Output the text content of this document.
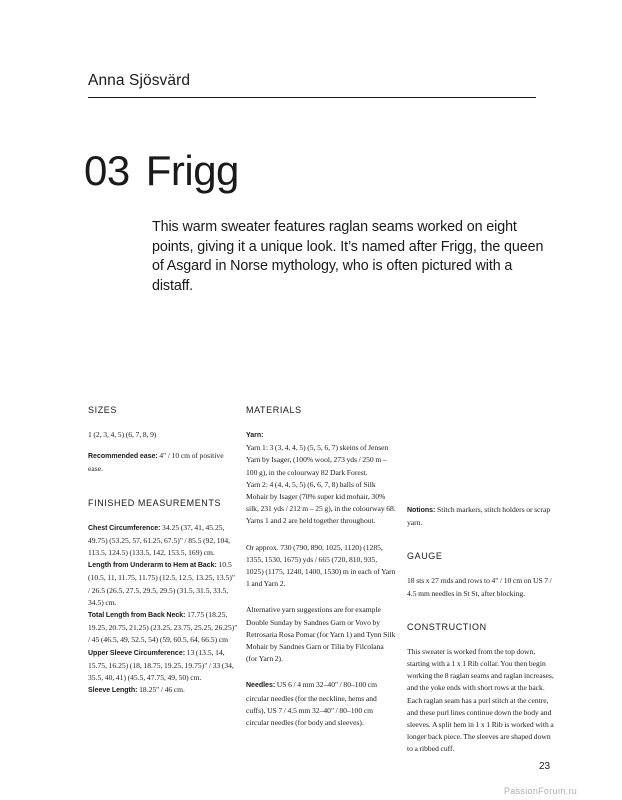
Anna Sjösvärd
03 Frigg
This warm sweater features raglan seams worked on eight points, giving it a unique look. It’s named after Frigg, the queen of Asgard in Norse mythology, who is often pictured with a distaff.

SIZES

1 (2, 3, 4, 5) (6, 7, 8, 9)

Recommended ease: 4" / 10 cm of positive ease.

FINISHED MEASUREMENTS

Chest Circumference: 34.25 (37, 41, 45.25, 49.75) (53.25, 57, 61.25, 67.5)" / 85.5 (92, 104, 113.5, 124.5) (133.5, 142, 153.5, 169) cm.

Length from Underarm to Hem at Back: 10.5 (10.5, 11, 11.75, 11.75) (12.5, 12.5, 13.25, 13.5)" / 26.5 (26.5, 27.5, 29.5, 29.5) (31.5, 31.5, 33.5, 34.5) cm.

Total Length from Back Neck: 17.75 (18.25, 19.25, 20.75, 21.25) (23.25, 23.75, 25.25, 26.25)" / 45 (46.5, 49, 52.5, 54) (59, 60.5, 64, 66.5) cm

Upper Sleeve Circumference: 13 (13.5, 14, 15.75, 16.25) (18, 18.75, 19.25, 19.75)" / 33 (34, 35.5, 40, 41) (45.5, 47.75, 49, 50) cm.

Sleeve Length: 18.25" / 46 cm.

MATERIALS

Yarn:

Yarn 1: 3 (3, 4, 4, 5) (5, 5, 6, 7) skeins of Jensen Yarn by Isager, (100% wool, 273 yds / 250 m – 100 g), in the colourway 82 Dark Forest.

Yarn 2: 4 (4, 4, 5, 5) (6, 6, 7, 8) balls of Silk Mohair by Isager (70% super kid mohair, 30% silk, 231 yds / 212 m – 25 g), in the colourway 68.

Yarns 1 and 2 are held together throughout.

Or approx. 730 (790, 890, 1025, 1120) (1285, 1355, 1530, 1675) yds / 665 (720, 810, 935, 1025) (1175, 1240, 1400, 1530) m in each of Yarn 1 and Yarn 2.

Alternative yarn suggestions are for example Double Sunday by Sandnes Garn or Vovo by Retrosaria Rosa Pomar (for Yarn 1) and Tynn Silk Mohair by Sandnes Garn or Tilia by Filcolana (for Yarn 2).

Needles: US 6 / 4 mm 32–40" / 80–100 cm circular needles (for the neckline, hems and cuffs), US 7 / 4.5 mm 32–40" / 80–100 cm circular needles (for body and sleeves).

Notions: Stitch markers, stitch holders or scrap yarn.

GAUGE

18 sts x 27 rnds and rows to 4" / 10 cm on US 7 / 4.5 mm needles in St St, after blocking.

CONSTRUCTION

This sweater is worked from the top down, starting with a 1 x 1 Rib collar. You then begin working the 8 raglan seams and raglan increases, and the yoke ends with short rows at the back. Each raglan seam has a purl stitch at the centre, and these purl lines continue down the body and sleeves. A split hem in 1 x 1 Rib is worked with a longer back piece. The sleeves are shaped down to a ribbed cuff.

23
PassionForum.ru
